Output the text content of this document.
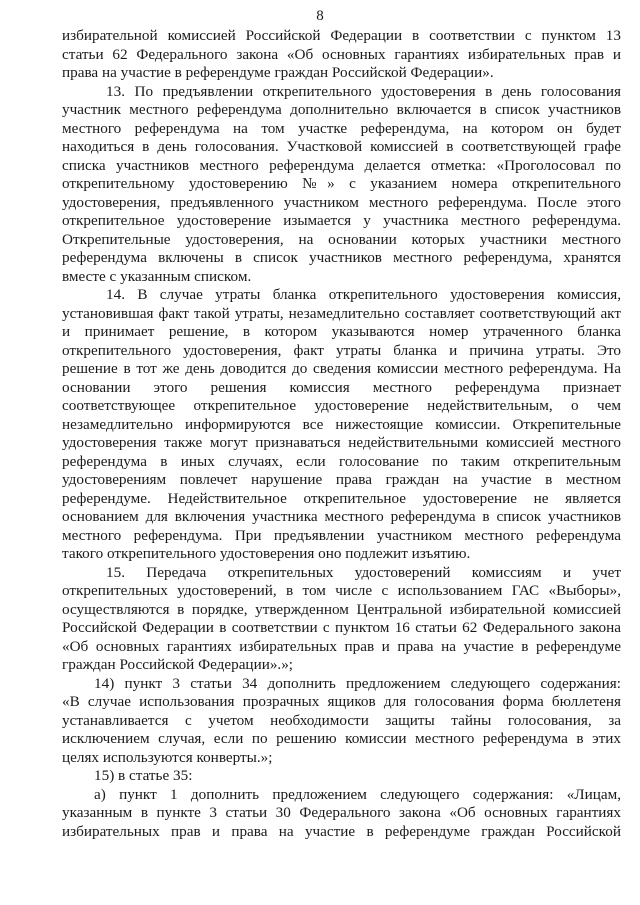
8
избирательной комиссией Российской Федерации в соответствии с пунктом 13
статьи 62 Федерального закона «Об основных гарантиях избирательных прав и
права на участие в референдуме граждан Российской Федерации».
13. По предъявлении открепительного удостоверения в день голосования
участник местного референдума дополнительно включается в список участников
местного референдума на том участке референдума, на котором он будет
находиться в день голосования. Участковой комиссией в соответствующей графе
списка участников местного референдума делается отметка: «Проголосовал по
открепительному удостоверению №» с указанием номера открепительного
удостоверения, предъявленного участником местного референдума. После этого
открепительное удостоверение изымается у участника местного референдума.
Открепительные удостоверения, на основании которых участники местного
референдума включены в список участников местного референдума, хранятся
вместе с указанным списком.
14. В случае утраты бланка открепительного удостоверения комиссия,
установившая факт такой утраты, незамедлительно составляет соответствующий акт
и принимает решение, в котором указываются номер утраченного бланка
открепительного удостоверения, факт утраты бланка и причина утраты. Это
решение в тот же день доводится до сведения комиссии местного референдума. На
основании этого решения комиссия местного референдума признает
соответствующее открепительное удостоверение недействительным, о чем
незамедлительно информируются все нижестоящие комиссии. Открепительные
удостоверения также могут признаваться недействительными комиссией местного
референдума в иных случаях, если голосование по таким открепительным
удостоверениям повлечет нарушение права граждан на участие в местном
референдуме. Недействительное открепительное удостоверение не является
основанием для включения участника местного референдума в список участников
местного референдума. При предъявлении участником местного референдума
такого открепительного удостоверения оно подлежит изъятию.
15. Передача открепительных удостоверений комиссиям и учет
открепительных удостоверений, в том числе с использованием ГАС «Выборы»,
осуществляются в порядке, утвержденном Центральной избирательной комиссией
Российской Федерации в соответствии с пунктом 16 статьи 62 Федерального закона
«Об основных гарантиях избирательных прав и права на участие в референдуме
граждан Российской Федерации».»;
14) пункт 3 статьи 34 дополнить предложением следующего содержания:
«В случае использования прозрачных ящиков для голосования форма бюллетеня
устанавливается с учетом необходимости защиты тайны голосования, за
исключением случая, если по решению комиссии местного референдума в этих
целях используются конверты.»;
15) в статье 35:
а) пункт 1 дополнить предложением следующего содержания: «Лицам,
указанным в пункте 3 статьи 30 Федерального закона «Об основных гарантиях
избирательных прав и права на участие в референдуме граждан Российской
